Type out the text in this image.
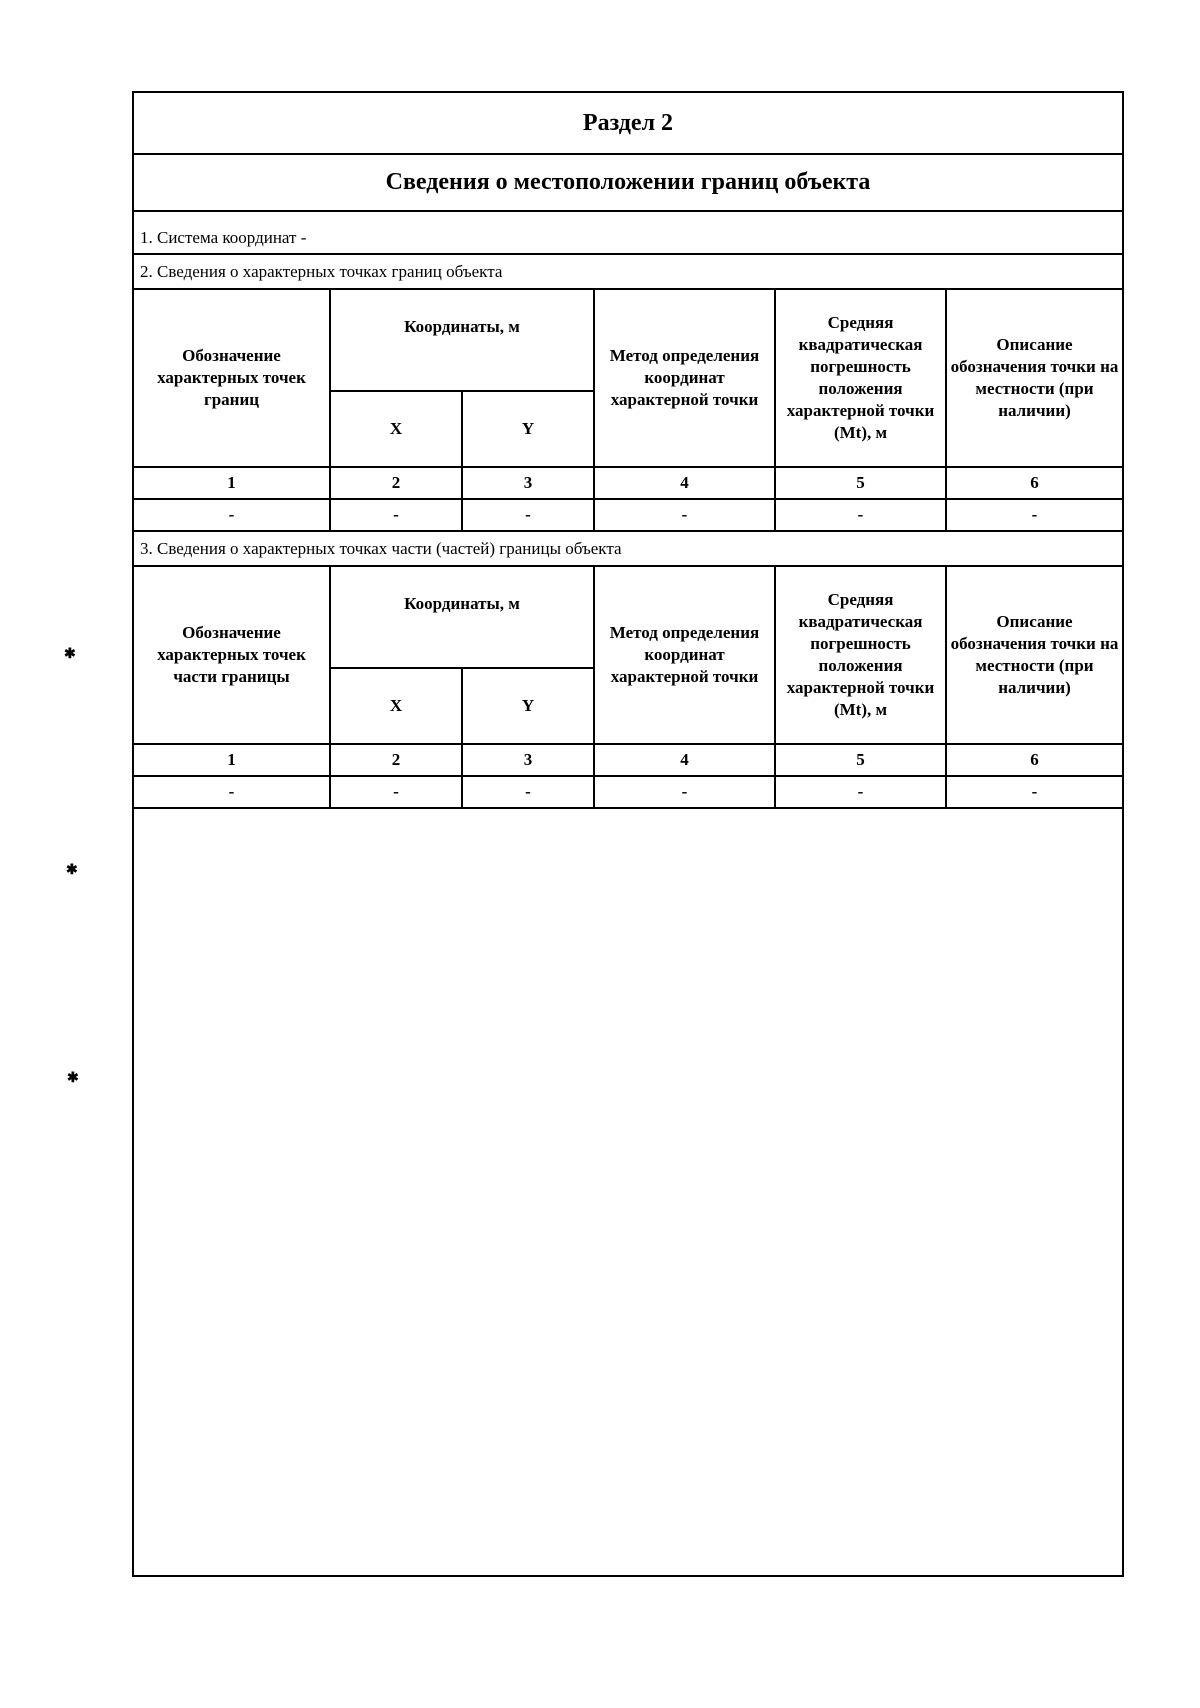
Раздел 2
Сведения о местоположении границ объекта
1. Система координат -
2. Сведения о характерных точках границ объекта
Обозначение характерных точек границ	Координаты, м		Метод определения координат характерной точки	Средняя квадратическая погрешность положения характерной точки (Mt), м	Описание обозначения точки на местности (при наличии)
	X	Y			
1	2	3	4	5	6
-	-	-	-	-	-
3. Сведения о характерных точках части (частей) границы объекта
Обозначение характерных точек части границы	Координаты, м		Метод определения координат характерной точки	Средняя квадратическая погрешность положения характерной точки (Mt), м	Описание обозначения точки на местности (при наличии)
	X	Y			
1	2	3	4	5	6
-	-	-	-	-	-
✱
✱
✱
